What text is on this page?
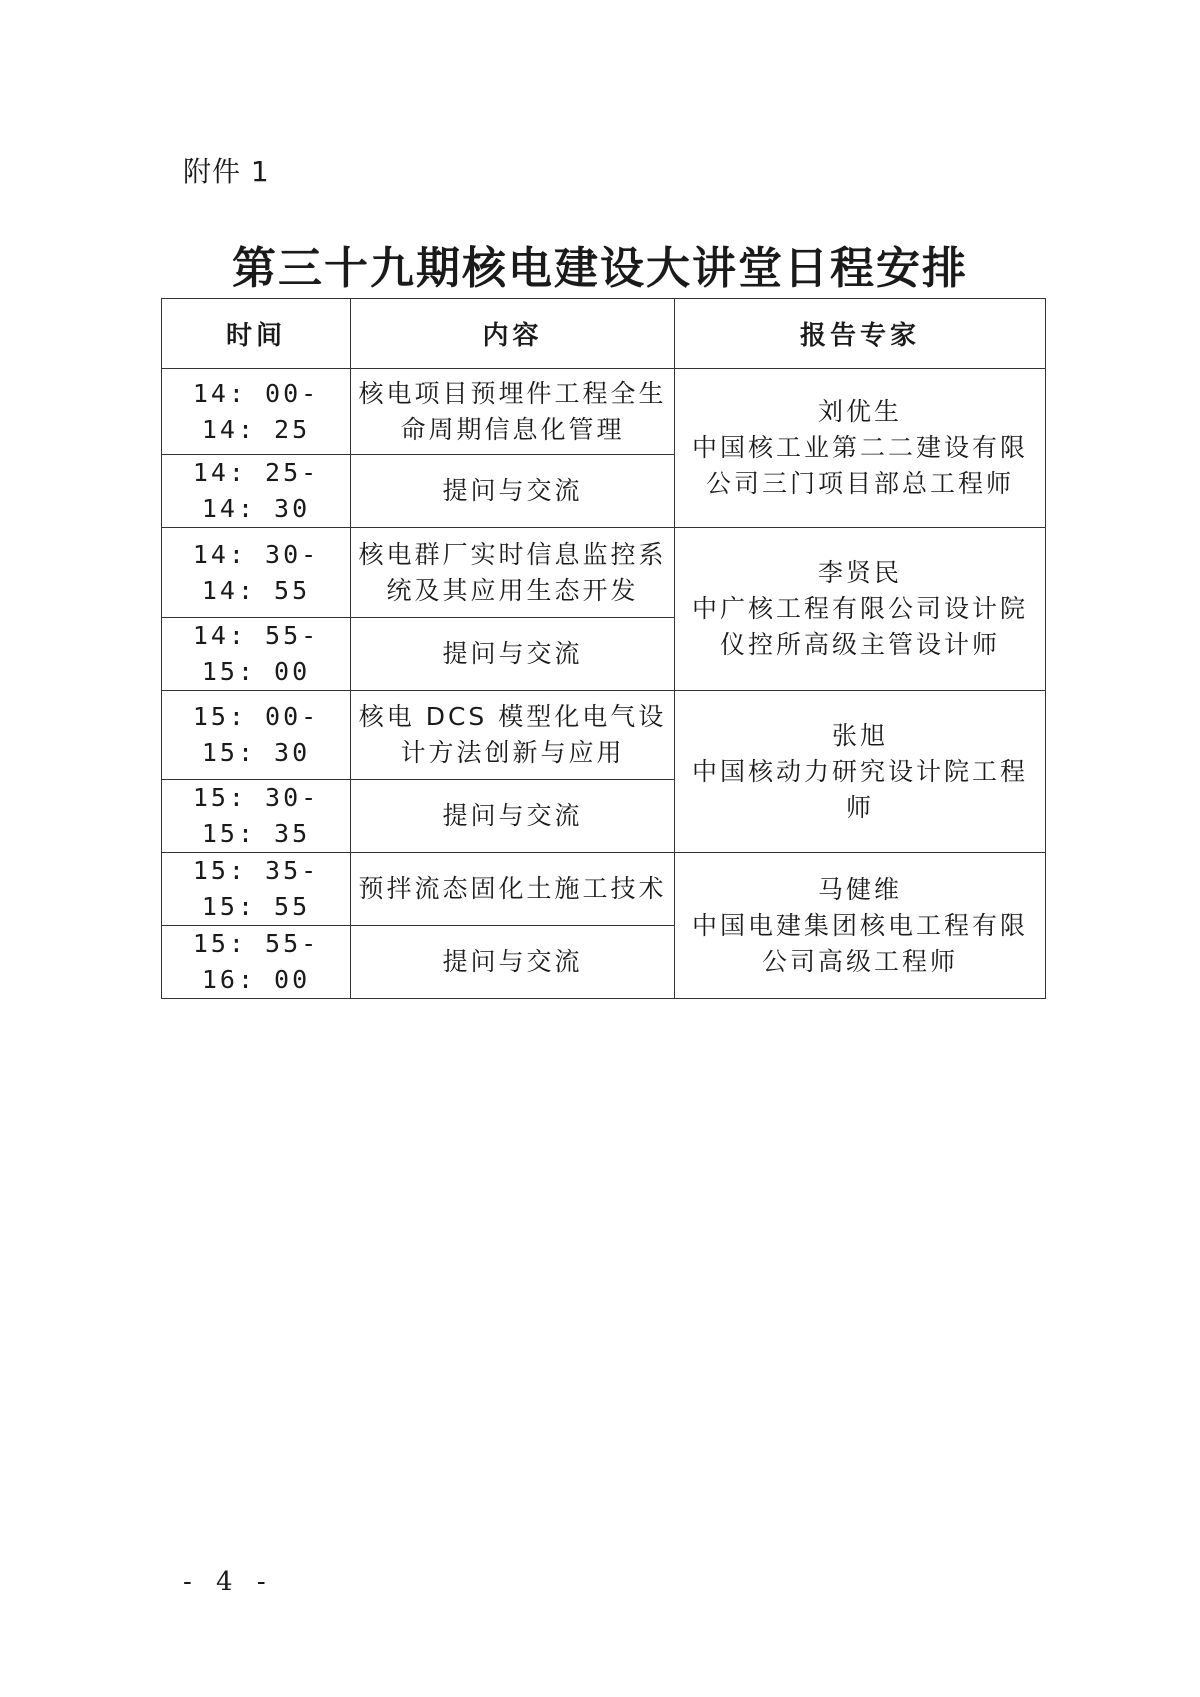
附件 1
第三十九期核电建设大讲堂日程安排
时间	内容	报告专家
14: 00-14: 25	核电项目预埋件工程全生命周期信息化管理	刘优生
中国核工业第二二建设有限公司三门项目部总工程师

14: 25-14: 30	提问与交流	
14: 30-14: 55	核电群厂实时信息监控系统及其应用生态开发	李贤民
中广核工程有限公司设计院仪控所高级主管设计师

14: 55-15: 00	提问与交流	
15: 00-15: 30	核电 DCS 模型化电气设计方法创新与应用	张旭
中国核动力研究设计院工程师

15: 30-15: 35	提问与交流	
15: 35-15: 55	预拌流态固化土施工技术	马健维
中国电建集团核电工程有限公司高级工程师

15: 55-16: 00	提问与交流	
- 4 -
